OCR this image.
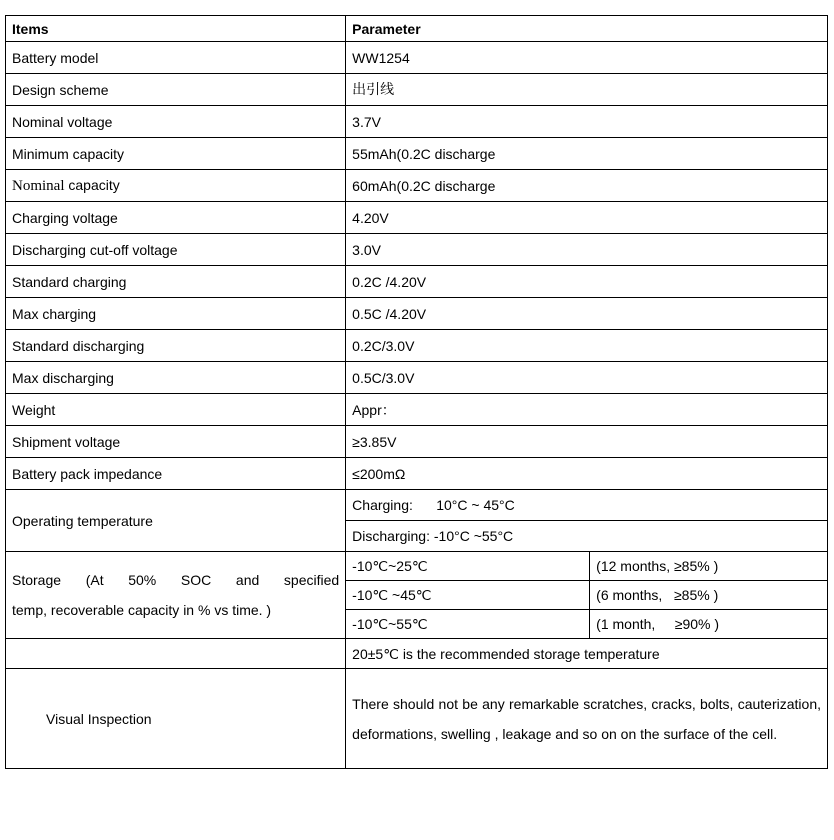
Items	Parameter	
Battery model	WW1254	
Design scheme	出引线	
Nominal voltage	3.7V	
Minimum capacity	55mAh(0.2C discharge	
Nominal capacity	60mAh(0.2C discharge	
Charging voltage	4.20V	
Discharging cut-off voltage	3.0V	
Standard charging	0.2C /4.20V	
Max charging	0.5C /4.20V	
Standard discharging	0.2C/3.0V	
Max discharging	0.5C/3.0V	
Weight	Appr：	
Shipment voltage	≥3.85V	
Battery pack impedance	≤200mΩ	
Operating temperature	Charging:      10°C ~ 45°C	
	Discharging: -10°C ~55°C	

Storage (At 50% SOC and specified
temp, recoverable capacity in % vs time. )	-10℃~25℃	(12 months, ≥85% )
	-10℃ ~45℃	(6 months,   ≥85% )
	-10℃~55℃	(1 month,     ≥90% )
	20±5℃ is the recommended storage temperature	
Visual Inspection	There should not be any remarkable scratches, cracks, bolts, cauterization, deformations, swelling , leakage and so on on the surface of the cell.	
